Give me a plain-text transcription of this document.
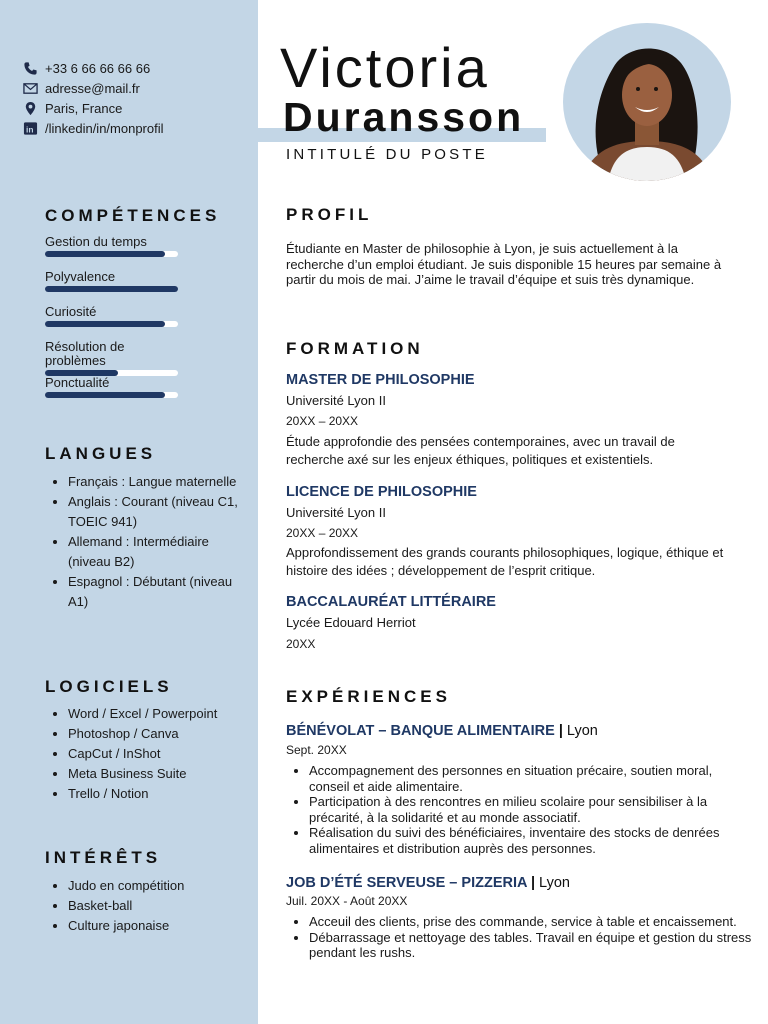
+33 6 66 66 66 66
adresse@mail.fr
Paris, France
in /linkedin/in/monprofil
COMPÉTENCES
Gestion du temps
Polyvalence
Curiosité
Résolution de problèmes
Ponctualité
LANGUES
• Français : Langue maternelle
• Anglais : Courant (niveau C1, TOEIC 941)
• Allemand : Intermédiaire (niveau B2)
• Espagnol : Débutant (niveau A1)
LOGICIELS
• Word / Excel / Powerpoint
• Photoshop / Canva
• CapCut / InShot
• Meta Business Suite
• Trello / Notion
INTÉRÊTS
• Judo en compétition
• Basket-ball
• Culture japonaise
Victoria
Duransson
INTITULÉ DU POSTE
PROFIL
Étudiante en Master de philosophie à Lyon, je suis actuellement à la recherche d’un emploi étudiant. Je suis disponible 15 heures par semaine à partir du mois de mai. J’aime le travail d’équipe et suis très dynamique.
FORMATION
MASTER DE PHILOSOPHIE
Université Lyon II
20XX – 20XX
Étude approfondie des pensées contemporaines, avec un travail de recherche axé sur les enjeux éthiques, politiques et existentiels.
LICENCE DE PHILOSOPHIE
Université Lyon II
20XX – 20XX
Approfondissement des grands courants philosophiques, logique, éthique et histoire des idées ; développement de l’esprit critique.
BACCALAURÉAT LITTÉRAIRE
Lycée Edouard Herriot
20XX
EXPÉRIENCES
BÉNÉVOLAT – BANQUE ALIMENTAIRE | Lyon
Sept. 20XX
• Accompagnement des personnes en situation précaire, soutien moral, conseil et aide alimentaire.
• Participation à des rencontres en milieu scolaire pour sensibiliser à la précarité, à la solidarité et au monde associatif.
• Réalisation du suivi des bénéficiaires, inventaire des stocks de denrées alimentaires et distribution auprès des personnes.
JOB D’ÉTÉ SERVEUSE – PIZZERIA | Lyon
Juil. 20XX - Août 20XX
• Acceuil des clients, prise des commande, service à table et encaissement.
• Débarrassage et nettoyage des tables. Travail en équipe et gestion du stress pendant les rushs.
